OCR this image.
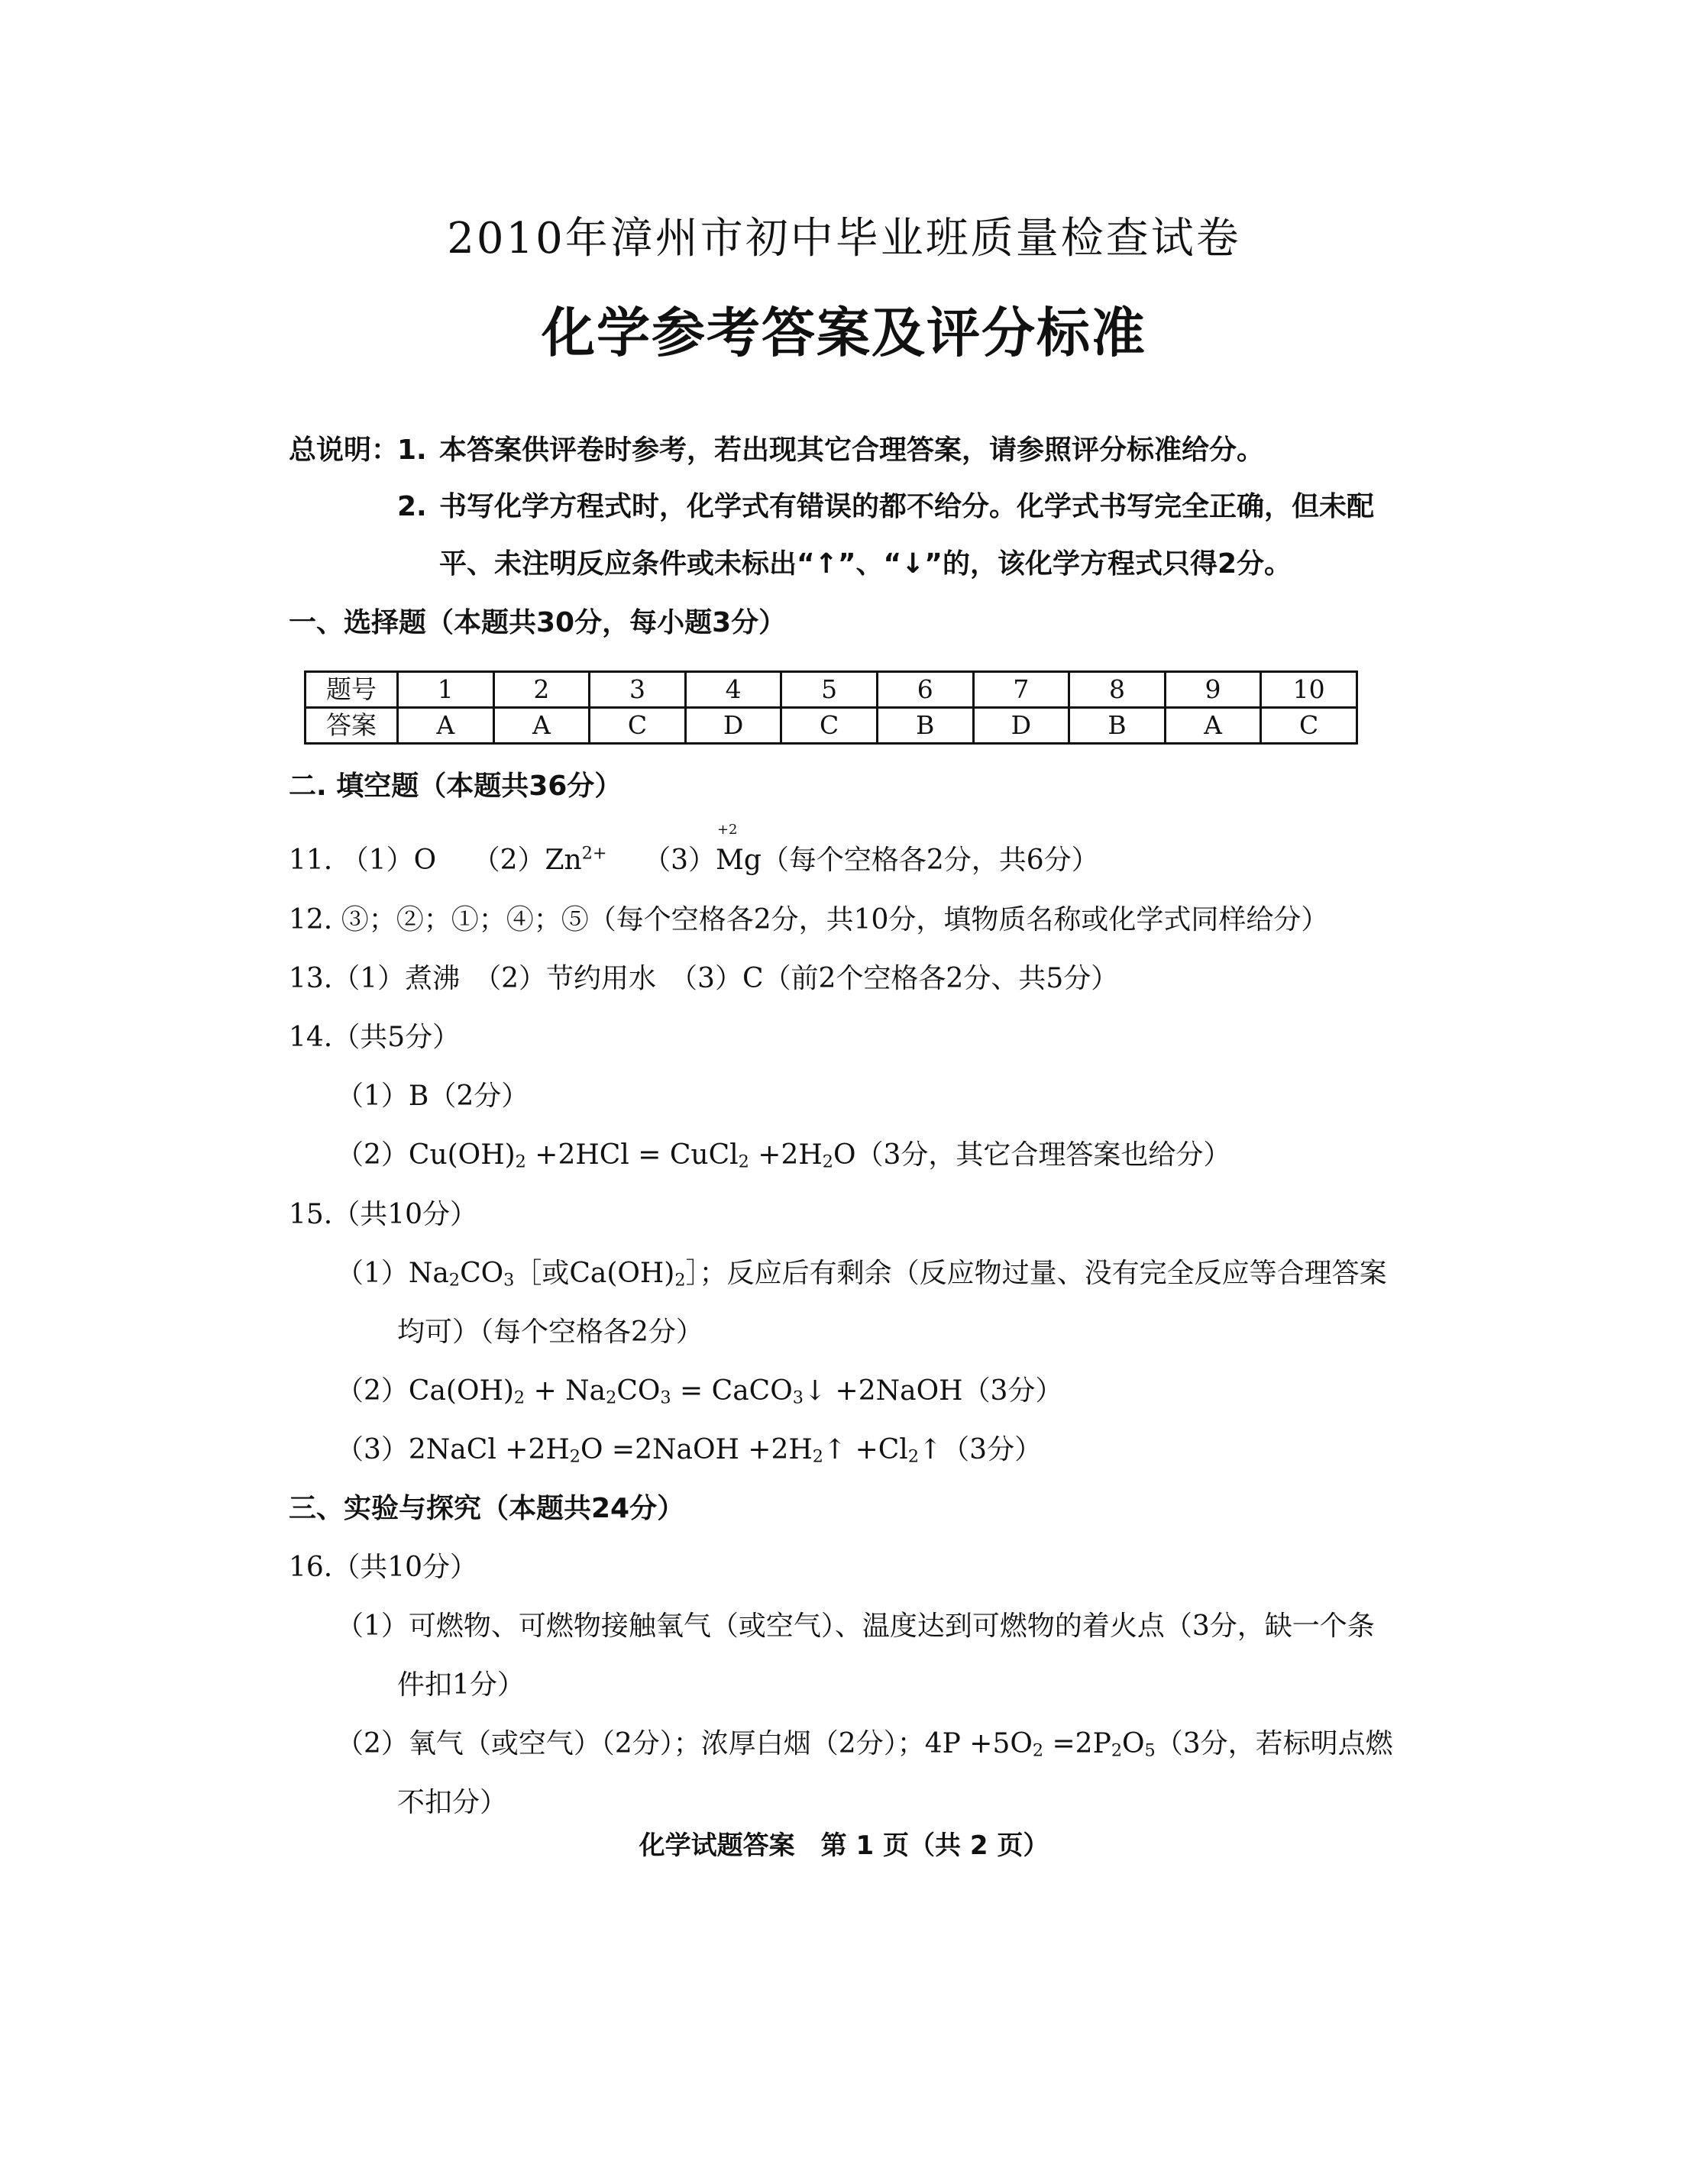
2010年漳州市初中毕业班质量检查试卷
化学参考答案及评分标准
总说明：
1. 本答案供评卷时参考，若出现其它合理答案，请参照评分标准给分。
2. 书写化学方程式时，化学式有错误的都不给分。化学式书写完全正确，但未配
平、未注明反应条件或未标出“↑”、“↓”的，该化学方程式只得2分。
一、选择题（本题共30分，每小题3分）
题号	1	2	3	4	5	6	7	8	9	10
答案	A	A	C	D	C	B	D	B	A	C
二. 填空题（本题共36分）
11. （1）O　 $(2)Zn^{2+}$　 （3）
+2
Mg（每个空格各2分，共6分）
12. ③；②；①；④；⑤（每个空格各2分，共10分，填物质名称或化学式同样给分）
13.（1）煮沸　（2）节约用水　（3）C（前2个空格各2分、共5分）
14.（共5分）
（1）B（2分）
$(2)Cu(OH)_2 +2HCl$ = CuCl$_2$ $+2H_2O(3$分，其它合理答案也给分）
15.（共10分）
$(1)Na_2CO_3[$或$Ca(OH)_2]$；反应后有剩余（反应物过量、没有完全反应等合理答案
均可）（每个空格各2分）
$(2)Ca(OH)_2 + Na_2CO_3$ = CaCO$_3$↓ +2NaOH（3分）
（3）2NaCl $+2H_2O$ =2NaOH $+2H_2↑$ $+Cl_2↑(3$分）
三、实验与探究（本题共24分）
16.（共10分）
（1）可燃物、可燃物接触氧气（或空气）、温度达到可燃物的着火点（3分，缺一个条
件扣1分）
（2）氧气（或空气）（2分）；浓厚白烟（2分）；$4P +5O_2 =2P_2O_5(3$分，若标明点燃
不扣分）
化学试题答案　第 1 页（共 2 页）
